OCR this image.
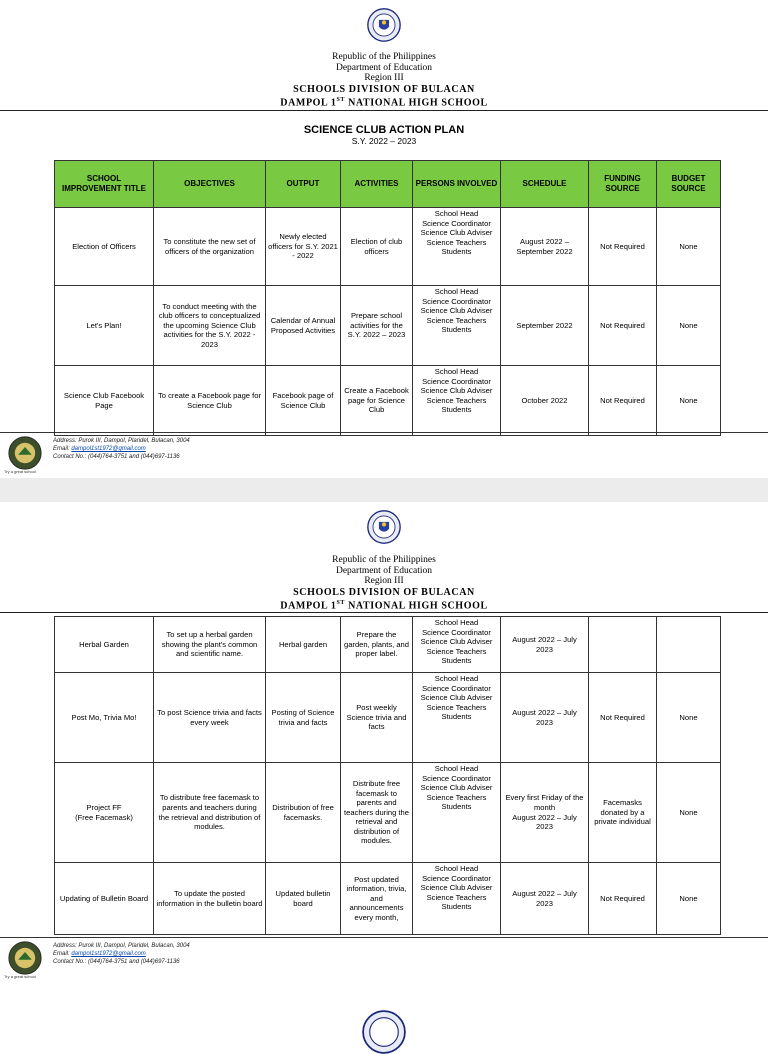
Republic of the Philippines
Department of Education
Region III
SCHOOLS DIVISION OF BULACAN
DAMPOL 1ST NATIONAL HIGH SCHOOL
SCIENCE CLUB ACTION PLAN
S.Y. 2022 – 2023
SCHOOL IMPROVEMENT TITLE	OBJECTIVES	OUTPUT	ACTIVITIES	PERSONS INVOLVED	SCHEDULE	FUNDING SOURCE	BUDGET SOURCE
Election of Officers	To constitute the new set of officers of the organization	Newly elected officers for S.Y. 2021 - 2022	Election of club officers	School Head
Science Coordinator
Science Club Adviser
Science Teachers
Students	August 2022 – September 2022	Not Required	None
Let's Plan!	To conduct meeting with the club officers to conceptualized the upcoming Science Club activities for the S.Y. 2022 - 2023	Calendar of Annual Proposed Activities	Prepare school activities for the S.Y. 2022 – 2023	School Head
Science Coordinator
Science Club Adviser
Science Teachers
Students	September 2022	Not Required	None
Science Club Facebook Page	To create a Facebook page for Science Club	Facebook page of Science Club	Create a Facebook page for Science Club	School Head
Science Coordinator
Science Club Adviser
Science Teachers
Students	October 2022	Not Required	None
Try a great school
Address: Purok III, Dampol, Plaridel, Bulacan, 3004
Email: dampol1st1972@gmail.com
Contact No.: (044)764-3751 and (044)697-1136
Republic of the Philippines
Department of Education
Region III
SCHOOLS DIVISION OF BULACAN
DAMPOL 1ST NATIONAL HIGH SCHOOL
Herbal Garden	To set up a herbal garden showing the plant's common and scientific name.	Herbal garden	Prepare the garden, plants, and proper label.	School Head
Science Coordinator
Science Club Adviser
Science Teachers
Students	August 2022 – July 2023		
Post Mo, Trivia Mo!	To post Science trivia and facts every week	Posting of Science trivia and facts	Post weekly Science trivia and facts	School Head
Science Coordinator
Science Club Adviser
Science Teachers
Students	August 2022 – July 2023	Not Required	None
Project FF
(Free Facemask)	To distribute free facemask to parents and teachers during the retrieval and distribution of modules.	Distribution of free facemasks.	Distribute free facemask to parents and teachers during the retrieval and distribution of modules.	School Head
Science Coordinator
Science Club Adviser
Science Teachers
Students	Every first Friday of the month
August 2022 – July 2023	Facemasks donated by a private individual	None
Updating of Bulletin Board	To update the posted information in the bulletin board	Updated bulletin board	Post updated information, trivia, and announcements every month,	School Head
Science Coordinator
Science Club Adviser
Science Teachers
Students	August 2022 – July 2023	Not Required	None
Try a great school
Address: Purok III, Dampol, Plaridel, Bulacan, 3004
Email: dampol1st1972@gmail.com
Contact No.: (044)764-3751 and (044)697-1136
